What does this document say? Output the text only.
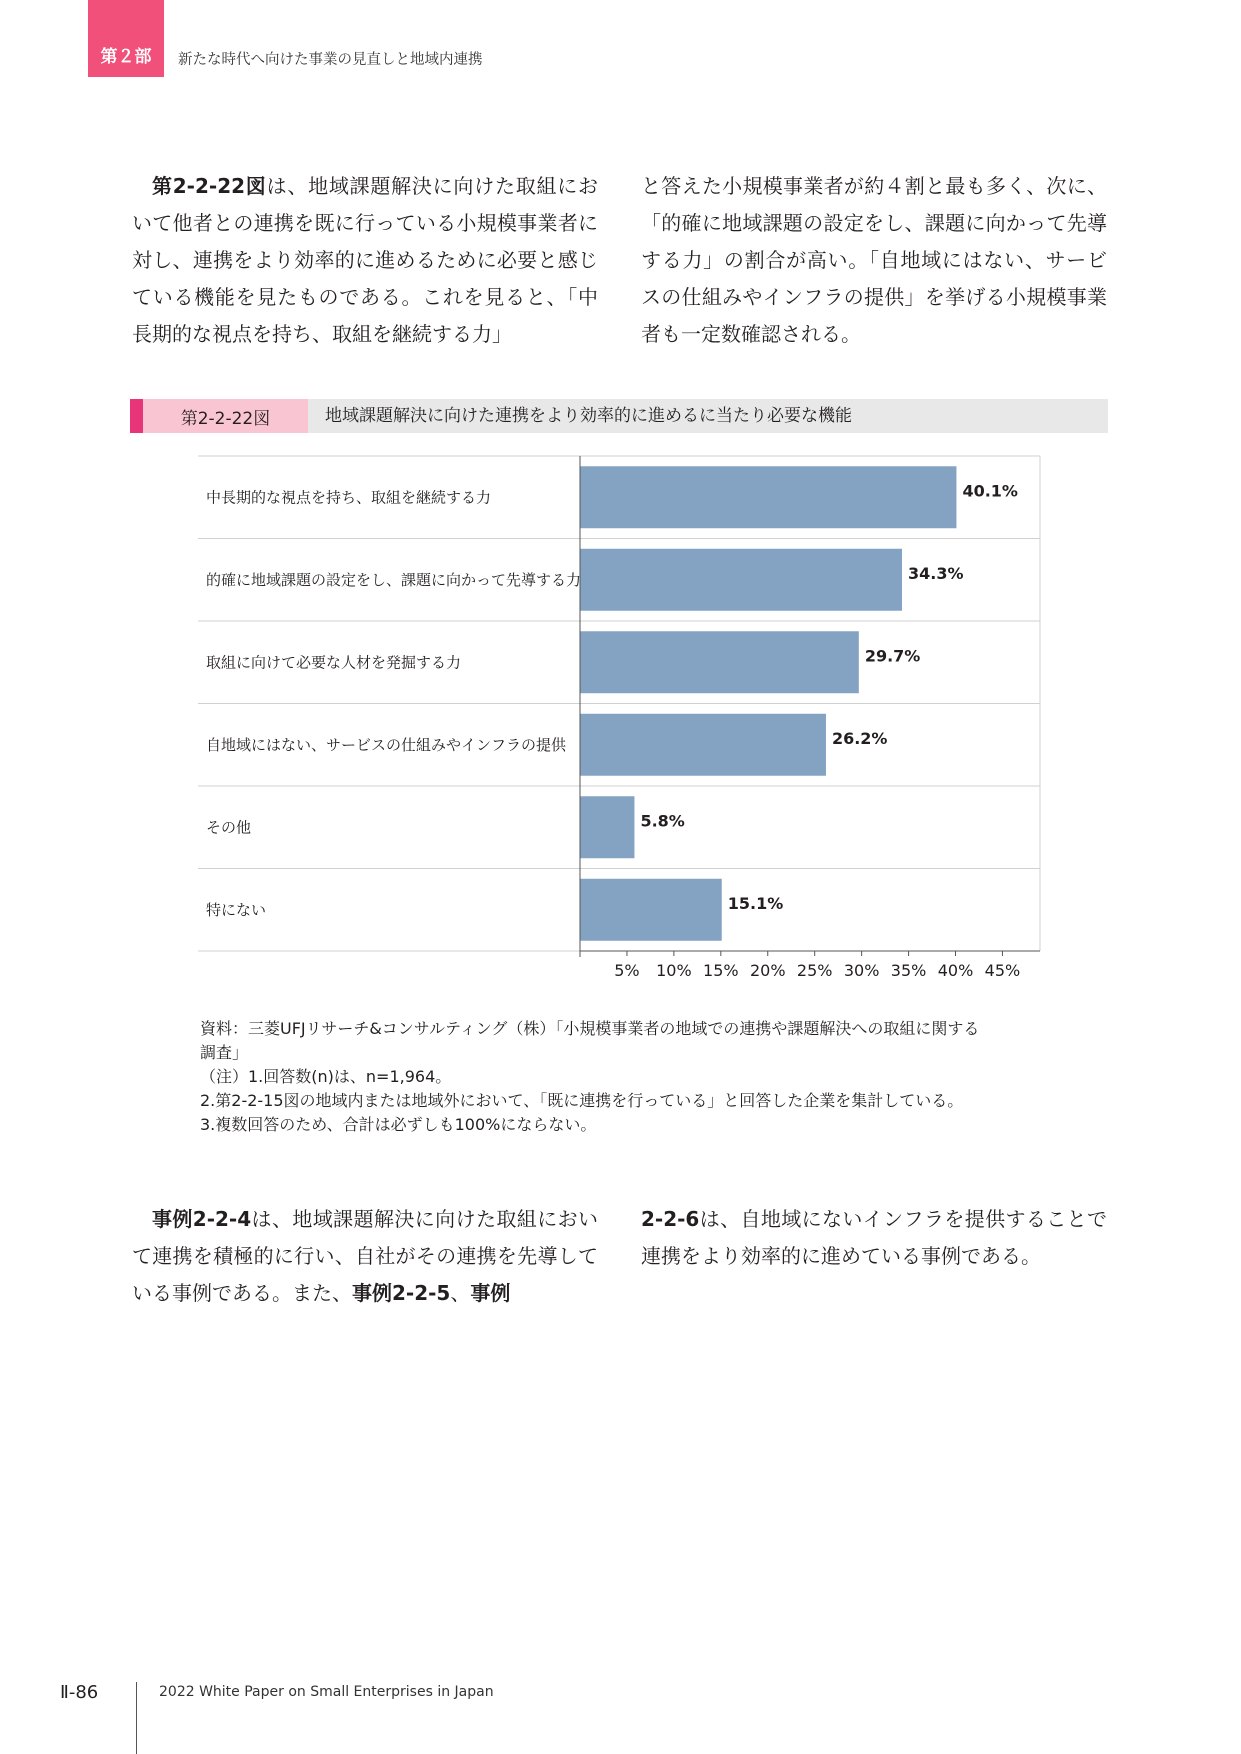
第２部	新たな時代へ向けた事業の見直しと地域内連携

第2-2-22図は、地域課題解決に向けた取組において他者との連携を既に行っている小規模事業者に対し、連携をより効率的に進めるために必要と感じている機能を見たものである。これを見ると、「中長期的な視点を持ち、取組を継続する力」

と答えた小規模事業者が約４割と最も多く、次に、「的確に地域課題の設定をし、課題に向かって先導する力」の割合が高い。「自地域にはない、サービスの仕組みやインフラの提供」を挙げる小規模事業者も一定数確認される。

第2-2-22図	地域課題解決に向けた連携をより効率的に進めるに当たり必要な機能
中長期的な視点を持ち、取組を継続する力	40.1%
的確に地域課題の設定をし、課題に向かって先導する力	34.3%
取組に向けて必要な人材を発掘する力	29.7%
自地域にはない、サービスの仕組みやインフラの提供	26.2%
その他	5.8%
特にない	15.1%
5% 10% 15% 20% 25% 30% 35% 40% 45%
資料：三菱UFJリサーチ&コンサルティング（株）「小規模事業者の地域での連携や課題解決への取組に関する
調査」
（注）1.回答数(n)は、n=1,964。
2.第2-2-15図の地域内または地域外において、「既に連携を行っている」と回答した企業を集計している。
3.複数回答のため、合計は必ずしも100%にならない。

事例2-2-4は、地域課題解決に向けた取組において連携を積極的に行い、自社がその連携を先導している事例である。また、事例2-2-5、事例

2-2-6は、自地域にないインフラを提供することで連携をより効率的に進めている事例である。

Ⅱ-86	2022 White Paper on Small Enterprises in Japan
